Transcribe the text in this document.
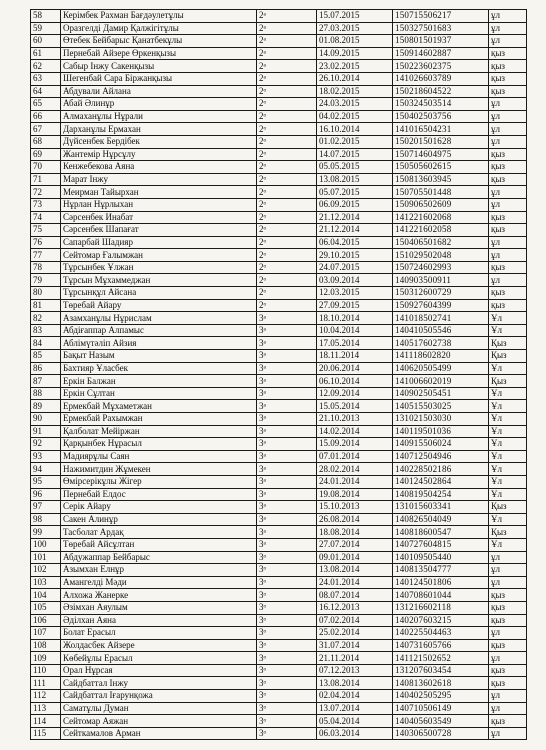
58	Керімбек Рахман Бағдәулетұлы	2ᵃ	15.07.2015	150715506217	ұл
59	Оразгелді Дамир Қалжігітұлы	2ᵃ	27.03.2015	150327501683	ұл
60	Өтебек Бейбарыс Қанатбекұлы	2ᵃ	01.08.2015	150801501937	ұл
61	Пернебай Айзере Өркенқызы	2ᵃ	14.09.2015	150914602887	қыз
62	Сабыр Інжу Сакенқызы	2ᵃ	23.02.2015	150223602375	қыз
63	Шегенбай Сара Біржанқызы	2ᵃ	26.10.2014	141026603789	қыз
64	Абдували Айлана	2ᵒ	18.02.2015	150218604522	қыз
65	Абай Әлинұр	2ᵒ	24.03.2015	150324503514	ұл
66	Алмаханұлы Нұрали	2ᵒ	04.02.2015	150402503756	ұл
67	Дарханұлы Ермахан	2ᵒ	16.10.2014	141016504231	ұл
68	Дүйсенбек Бердібек	2ᵒ	01.02.2015	150201501628	ұл
69	Жантемір Нұрсұлу	2ᵒ	14.07.2015	150714604975	қыз
70	Кенжебекова Аяна	2ᵒ	05.05.2015	150505602615	қыз
71	Марат Інжу	2ᵒ	13.08.2015	150813603945	қыз
72	Меирман Тайырхан	2ᵒ	05.07.2015	150705501448	ұл
73	Нұрлан Нұрлыхан	2ᵒ	06.09.2015	150906502609	ұл
74	Сәрсенбек Инабат	2ᵒ	21.12.2014	141221602068	қыз
75	Сәрсенбек Шапағат	2ᵒ	21.12.2014	141221602058	қыз
76	Сапарбай Шадияр	2ᵒ	06.04.2015	150406501682	ұл
77	Сейтомар Ғалымжан	2ᵒ	29.10.2015	151029502048	ұл
78	Тұрсынбек Ұлжан	2ᵒ	24.07.2015	150724602993	қыз
79	Тұрсын Мұхаммеджан	2ᵒ	03.09.2014	140903500911	ұл
80	Тұрсынқұл Айсана	2ᵒ	12.03.2015	150312600729	қыз
81	Төребай Айару	2ᵒ	27.09.2015	150927604399	қыз
82	Азамханұлы Нұрислам	3ᵃ	18.10.2014	141018502741	Ұл
83	Абдіғаппар Алпамыс	3ᵃ	10.04.2014	140410505546	Ұл
84	Аблімүтәліп Айзия	3ᵃ	17.05.2014	140517602738	Қыз
85	Бақыт Назым	3ᵃ	18.11.2014	141118602820	Қыз
86	Бахтияр Ұласбек	3ᵃ	20.06.2014	140620505499	Ұл
87	Еркін Балжан	3ᵃ	06.10.2014	141006602019	Қыз
88	Еркін Сұлтан	3ᵃ	12.09.2014	140902505451	Ұл
89	Ермекбай Мұхаметжан	3ᵃ	15.05.2014	140515503025	Ұл
90	Ермекбай Рахымжан	3ᵃ	21.10.2013	131021503030	Ұл
91	Қалболат Мейіржан	3ᵃ	14.02.2014	140119501036	Ұл
92	Қарқынбек Нұрасыл	3ᵃ	15.09.2014	140915506024	Ұл
93	Мадиярұлы Саян	3ᵃ	07.01.2014	140712504946	Ұл
94	Нажимитдин Жұмекен	3ᵃ	28.02.2014	140228502186	Ұл
95	Өмірсерікұлы Жігер	3ᵃ	24.01.2014	140124502864	Ұл
96	Пернебай Елдос	3ᵃ	19.08.2014	140819504254	Ұл
97	Серік Айару	3ᵃ	15.10.2013	131015603341	Қыз
98	Сакен Алинұр	3ᵃ	26.08.2014	140826504049	Ұл
99	Тасболат Ардақ	3ᵃ	18.08.2014	140818600547	Қыз
100	Төребай Айсұлтан	3ᵃ	27.07.2014	140727604815	Ұл
101	Абдужаппар Бейбарыс	3ᵒ	09.01.2014	140109505440	ұл
102	Азымхан Елнұр	3ᵒ	13.08.2014	140813504777	ұл
103	Амангелді Мәди	3ᵒ	24.01.2014	140124501806	ұл
104	Алхожа Жанерке	3ᵒ	08.07.2014	140708601044	қыз
105	Әзімхан Аяулым	3ᵒ	16.12.2013	131216602118	қыз
106	Әділхан Аяна	3ᵒ	07.02.2014	140207603215	қыз
107	Болат Ерасыл	3ᵒ	25.02.2014	140225504463	ұл
108	Жолдасбек Айзере	3ᵒ	31.07.2014	140731605766	қыз
109	Көбейұлы Ерасыл	3ᵒ	21.11.2014	141121502652	ұл
110	Орал Нұрсая	3ᵒ	07.12.2013	131207603454	қыз
111	Сайдбаттал Інжу	3ᵒ	13.08.2014	140813602618	қыз
112	Сайдбаттал Іғарунқожа	3ᵒ	02.04.2014	140402505295	ұл
113	Саматұлы Думан	3ᵒ	13.07.2014	140710506149	ұл
114	Сейтомар Аяжан	3ᵒ	05.04.2014	140405603549	қыз
115	Сейткамалов Арман	3ᵒ	06.03.2014	140306500728	ұл
